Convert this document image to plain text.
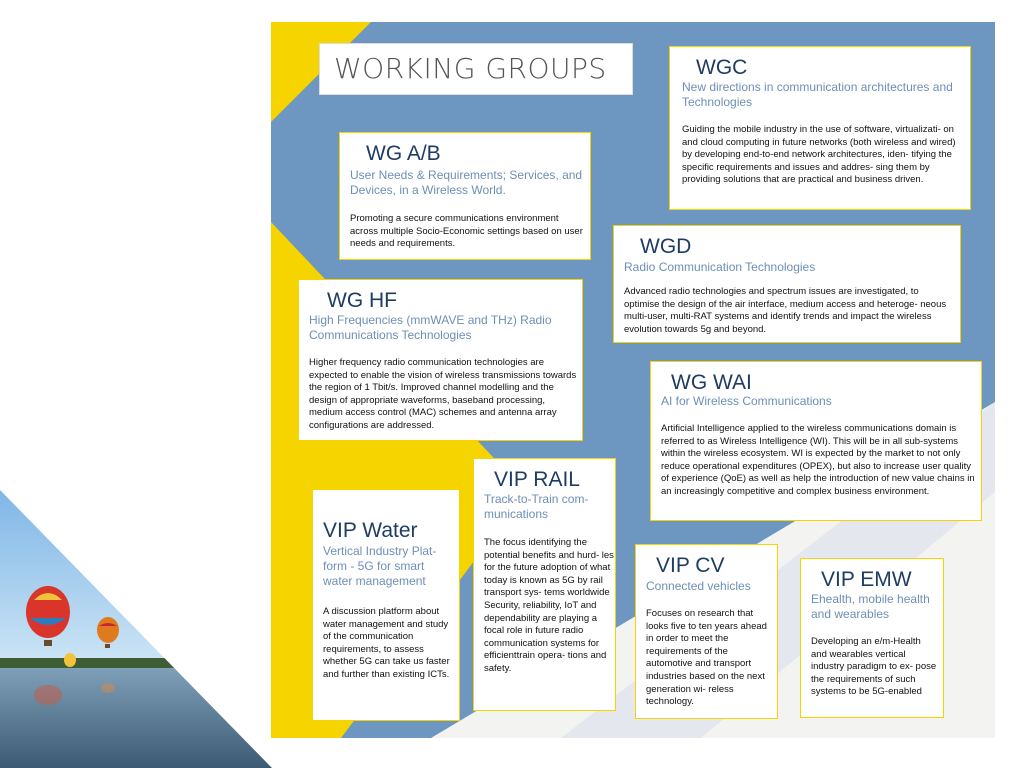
WORKING GROUPS	WGC
New directions in communication architectures and Technologies
Guiding the mobile industry in the use of software, virtualizati- on and cloud computing in future networks (both wireless and wired) by developing end-to-end network architectures, iden- tifying the specific requirements and issues and addres- sing them by providing solutions that are practical and business driven.
WG A/B
User Needs & Requirements; Services, and Devices, in a Wireless World.
Promoting a secure communications environment across multiple Socio-Economic settings based on user needs and requirements.	WGD
Radio Communication Technologies
Advanced radio technologies and spectrum issues are investigated, to optimise the design of the air interface, medium access and heteroge- neous multi-user, multi-RAT systems and identify trends and impact the wireless evolution towards 5g and beyond.
WG HF
High Frequencies (mmWAVE and THz) Radio Communications Technologies
Higher frequency radio communication technologies are expected to enable the vision of wireless transmissions towards the region of 1 Tbit/s. Improved channel modelling and the design of appropriate waveforms, baseband processing, medium access control (MAC) schemes and antenna array configurations are addressed.
WG WAI
AI for Wireless Communications
Artificial Intelligence applied to the wireless communications domain is referred to as Wireless Intelligence (WI). This will be in all sub-systems within the wireless ecosystem. WI is expected by the market to not only reduce operational expenditures (OPEX), but also to increase user quality of experience (QoE) as well as help the introduction of new value chains in an increasingly competitive and complex business environment.
VIP RAIL
Track-to-Train com- munications
The focus identifying the potential benefits and hurd- les for the future adoption of what today is known as 5G by rail transport sys- tems worldwide Security, reliability, IoT and dependability are playing a focal role in future radio communication systems for efficienttrain opera- tions and safety.
VIP Water
Vertical Industry Plat- form - 5G for smart water management
A discussion platform about water management and study of the communication requirements, to assess whether 5G can take us faster and further than existing ICTs.
VIP CV
Connected vehicles
Focuses on research that looks five to ten years ahead in order to meet the requirements of the automotive and transport industries based on the next generation wi- reless technology.
VIP EMW
Ehealth, mobile health and wearables
Developing an e/m-Health and wearables vertical industry paradigm to ex- pose the requirements of such systems to be 5G-enabled
